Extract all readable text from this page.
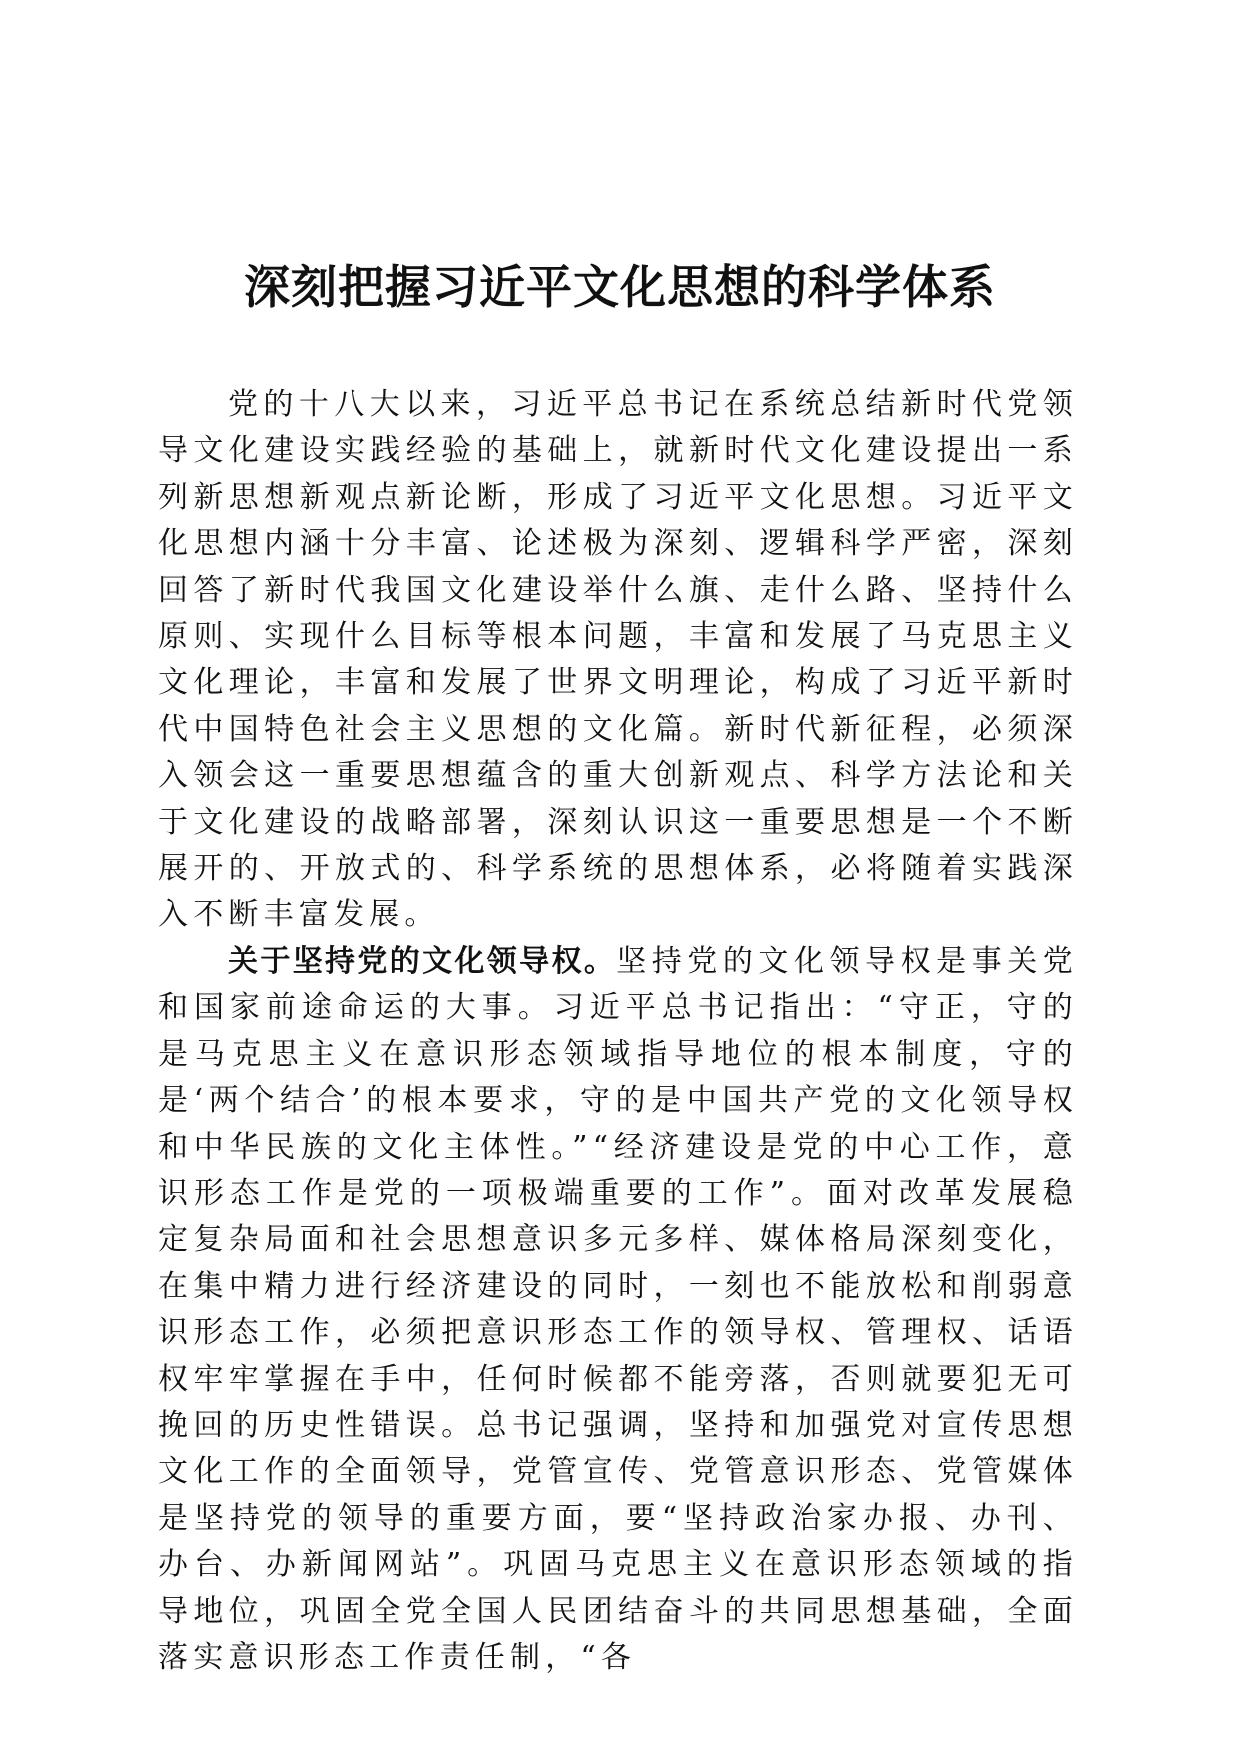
深刻把握习近平文化思想的科学体系

党的十八大以来，习近平总书记在系统总结新时代党领导文化建设实践经验的基础上，就新时代文化建设提出一系列新思想新观点新论断，形成了习近平文化思想。习近平文化思想内涵十分丰富、论述极为深刻、逻辑科学严密，深刻回答了新时代我国文化建设举什么旗、走什么路、坚持什么原则、实现什么目标等根本问题，丰富和发展了马克思主义文化理论，丰富和发展了世界文明理论，构成了习近平新时代中国特色社会主义思想的文化篇。新时代新征程，必须深入领会这一重要思想蕴含的重大创新观点、科学方法论和关于文化建设的战略部署，深刻认识这一重要思想是一个不断展开的、开放式的、科学系统的思想体系，必将随着实践深入不断丰富发展。

关于坚持党的文化领导权。坚持党的文化领导权是事关党和国家前途命运的大事。习近平总书记指出：“守正，守的是马克思主义在意识形态领域指导地位的根本制度，守的是‘两个结合’的根本要求，守的是中国共产党的文化领导权和中华民族的文化主体性。”“经济建设是党的中心工作，意识形态工作是党的一项极端重要的工作”。面对改革发展稳定复杂局面和社会思想意识多元多样、媒体格局深刻变化，在集中精力进行经济建设的同时，一刻也不能放松和削弱意识形态工作，必须把意识形态工作的领导权、管理权、话语权牢牢掌握在手中，任何时候都不能旁落，否则就要犯无可挽回的历史性错误。总书记强调，坚持和加强党对宣传思想文化工作的全面领导，党管宣传、党管意识形态、党管媒体是坚持党的领导的重要方面，要“坚持政治家办报、办刊、办台、办新闻网站”。巩固马克思主义在意识形态领域的指导地位，巩固全党全国人民团结奋斗的共同思想基础，全面落实意识形态工作责任制，“各
